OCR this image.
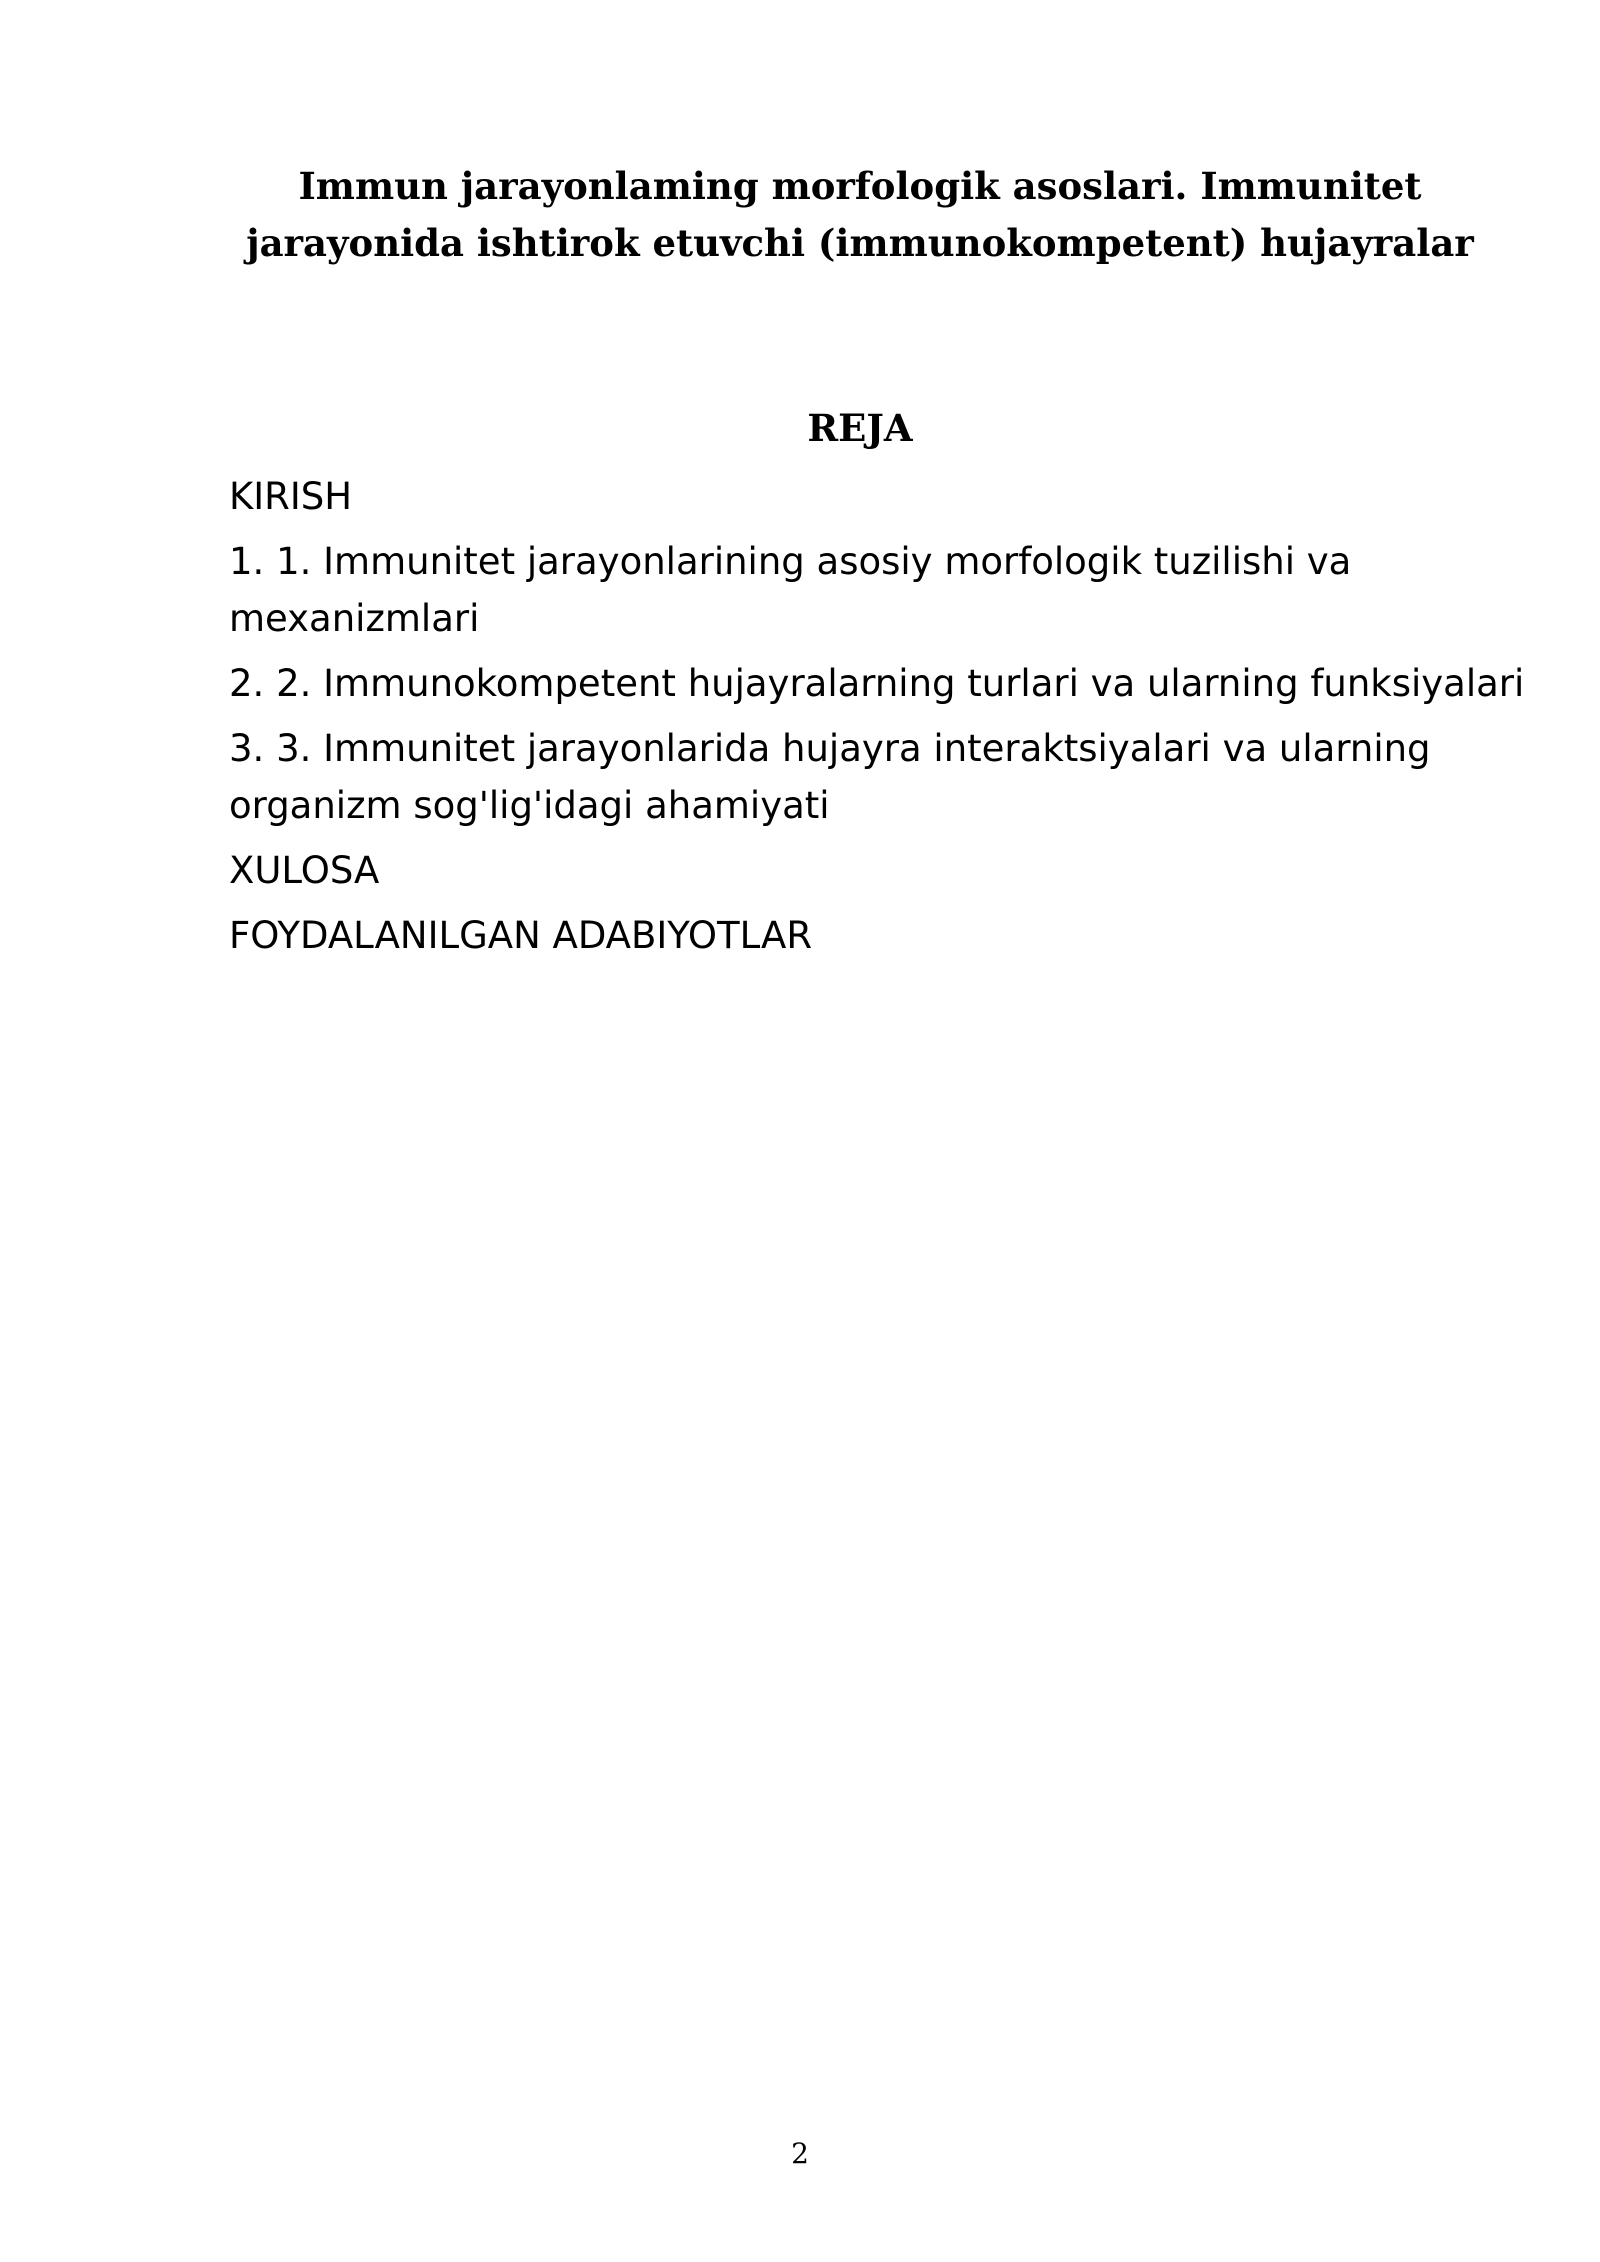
Immun jarayonlaming morfologik asoslari. Immunitet jarayonida ishtirok etuvchi (immunokompetent) hujayralar
REJA
KIRISH
1. 1. Immunitet jarayonlarining asosiy morfologik tuzilishi va mexanizmlari
2. 2. Immunokompetent hujayralarning turlari va ularning funksiyalari
3. 3. Immunitet jarayonlarida hujayra interaktsiyalari va ularning organizm sog'lig'idagi ahamiyati
XULOSA
FOYDALANILGAN ADABIYOTLAR
2
